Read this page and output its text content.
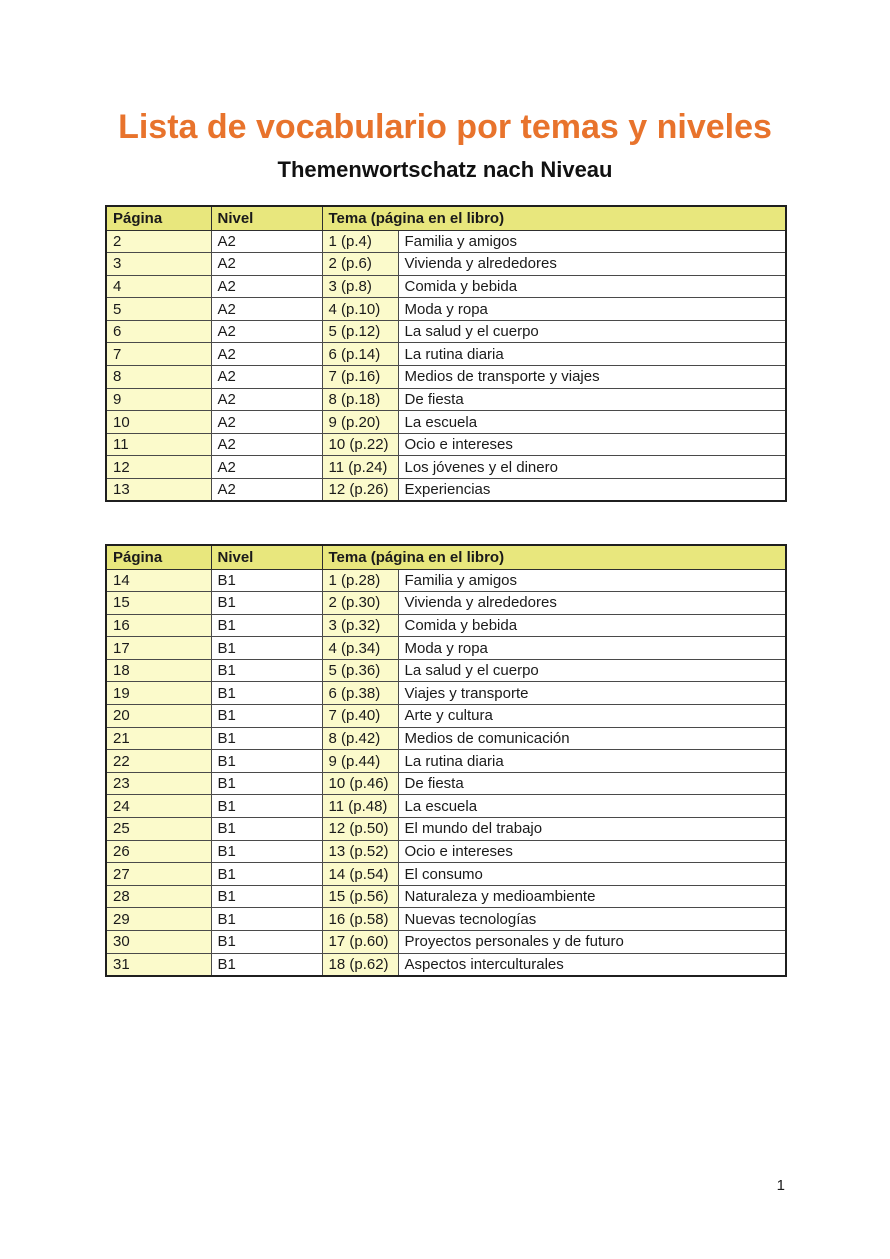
Lista de vocabulario por temas y niveles
Themenwortschatz nach Niveau
Página	Nivel	Tema (página en el libro)	
2	A2	1 (p.4)	Familia y amigos
3	A2	2 (p.6)	Vivienda y alrededores
4	A2	3 (p.8)	Comida y bebida
5	A2	4 (p.10)	Moda y ropa
6	A2	5 (p.12)	La salud y el cuerpo
7	A2	6 (p.14)	La rutina diaria
8	A2	7 (p.16)	Medios de transporte y viajes
9	A2	8 (p.18)	De fiesta
10	A2	9 (p.20)	La escuela
11	A2	10 (p.22)	Ocio e intereses
12	A2	11 (p.24)	Los jóvenes y el dinero
13	A2	12 (p.26)	Experiencias
Página	Nivel	Tema (página en el libro)	
14	B1	1 (p.28)	Familia y amigos
15	B1	2 (p.30)	Vivienda y alrededores
16	B1	3 (p.32)	Comida y bebida
17	B1	4 (p.34)	Moda y ropa
18	B1	5 (p.36)	La salud y el cuerpo
19	B1	6 (p.38)	Viajes y transporte
20	B1	7 (p.40)	Arte y cultura
21	B1	8 (p.42)	Medios de comunicación
22	B1	9 (p.44)	La rutina diaria
23	B1	10 (p.46)	De fiesta
24	B1	11 (p.48)	La escuela
25	B1	12 (p.50)	El mundo del trabajo
26	B1	13 (p.52)	Ocio e intereses
27	B1	14 (p.54)	El consumo
28	B1	15 (p.56)	Naturaleza y medioambiente
29	B1	16 (p.58)	Nuevas tecnologías
30	B1	17 (p.60)	Proyectos personales y de futuro
31	B1	18 (p.62)	Aspectos interculturales
1
